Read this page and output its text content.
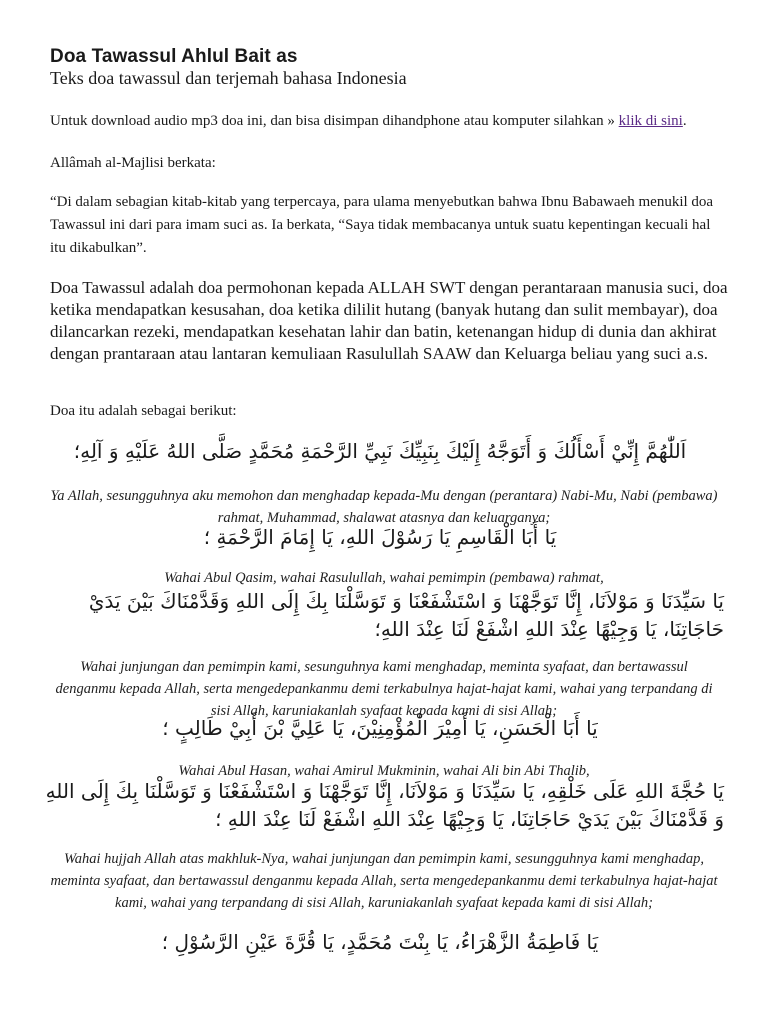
Doa Tawassul Ahlul Bait as
Teks doa tawassul dan terjemah bahasa Indonesia

Untuk download audio mp3 doa ini, dan bisa disimpan dihandphone atau komputer silahkan » klik di sini.

Allâmah al-Majlisi berkata:

“Di dalam sebagian kitab-kitab yang terpercaya, para ulama menyebutkan bahwa Ibnu Babawaeh menukil doa Tawassul ini dari para imam suci as. Ia berkata, “Saya tidak membacanya untuk suatu kepentingan kecuali hal itu dikabulkan”.

Doa Tawassul adalah doa permohonan kepada ALLAH SWT dengan perantaraan manusia suci, doa ketika mendapatkan kesusahan, doa ketika dililit hutang (banyak hutang dan sulit membayar), doa dilancarkan rezeki, mendapatkan kesehatan lahir dan batin, ketenangan hidup di dunia dan akhirat dengan prantaraan atau lantaran kemuliaan Rasulullah SAAW dan Keluarga beliau yang suci a.s.

Doa itu adalah sebagai berikut:

اَللّٰهُمَّ إِنِّيْ أَسْأَلُكَ وَ أَتَوَجَّهُ إِلَيْكَ بِنَبِيِّكَ نَبِيِّ الرَّحْمَةِ مُحَمَّدٍ صَلَّى اللهُ عَلَيْهِ وَ آلِهِ؛
Ya Allah, sesungguhnya aku memohon dan menghadap kepada-Mu dengan (perantara) Nabi-Mu, Nabi (pembawa) rahmat, Muhammad, shalawat atasnya dan keluarganya;
يَا أَبَا الْقَاسِمِ يَا رَسُوْلَ اللهِ، يَا إِمَامَ الرَّحْمَةِ ؛
Wahai Abul Qasim, wahai Rasulullah, wahai pemimpin (pembawa) rahmat,
يَا سَيِّدَنَا وَ مَوْلاَنَا، إِنَّا تَوَجَّهْنَا وَ اسْتَشْفَعْنَا وَ تَوَسَّلْنَا بِكَ إِلَى اللهِ وَقَدَّمْنَاكَ بَيْنَ يَدَيْ حَاجَاتِنَا، يَا وَجِيْهًا عِنْدَ اللهِ اشْفَعْ لَنَا عِنْدَ اللهِ؛
Wahai junjungan dan pemimpin kami, sesunguhnya kami menghadap, meminta syafaat, dan bertawassul denganmu kepada Allah, serta mengedepankanmu demi terkabulnya hajat-hajat kami, wahai yang terpandang di sisi Allah, karuniakanlah syafaat kepada kami di sisi Allah;
يَا أَبَا الْحَسَنِ، يَا أَمِيْرَ الْمُؤْمِنِيْنَ، يَا عَلِيَّ بْنَ أَبِيْ طَالِبٍ ؛
Wahai Abul Hasan, wahai Amirul Mukminin, wahai Ali bin Abi Thalib,
يَا حُجَّةَ اللهِ عَلَى خَلْقِهِ، يَا سَيِّدَنَا وَ مَوْلاَنَا، إِنَّا تَوَجَّهْنَا وَ اسْتَشْفَعْنَا وَ تَوَسَّلْنَا بِكَ إِلَى اللهِ وَ قَدَّمْنَاكَ بَيْنَ يَدَيْ حَاجَاتِنَا، يَا وَجِيْهًا عِنْدَ اللهِ اشْفَعْ لَنَا عِنْدَ اللهِ ؛
Wahai hujjah Allah atas makhluk-Nya, wahai junjungan dan pemimpin kami, sesungguhnya kami menghadap, meminta syafaat, dan bertawassul denganmu kepada Allah, serta mengedepankanmu demi terkabulnya hajat-hajat kami, wahai yang terpandang di sisi Allah, karuniakanlah syafaat kepada kami di sisi Allah;
يَا فَاطِمَةُ الزَّهْرَاءُ، يَا بِنْتَ مُحَمَّدٍ، يَا قُرَّةَ عَيْنِ الرَّسُوْلِ ؛
